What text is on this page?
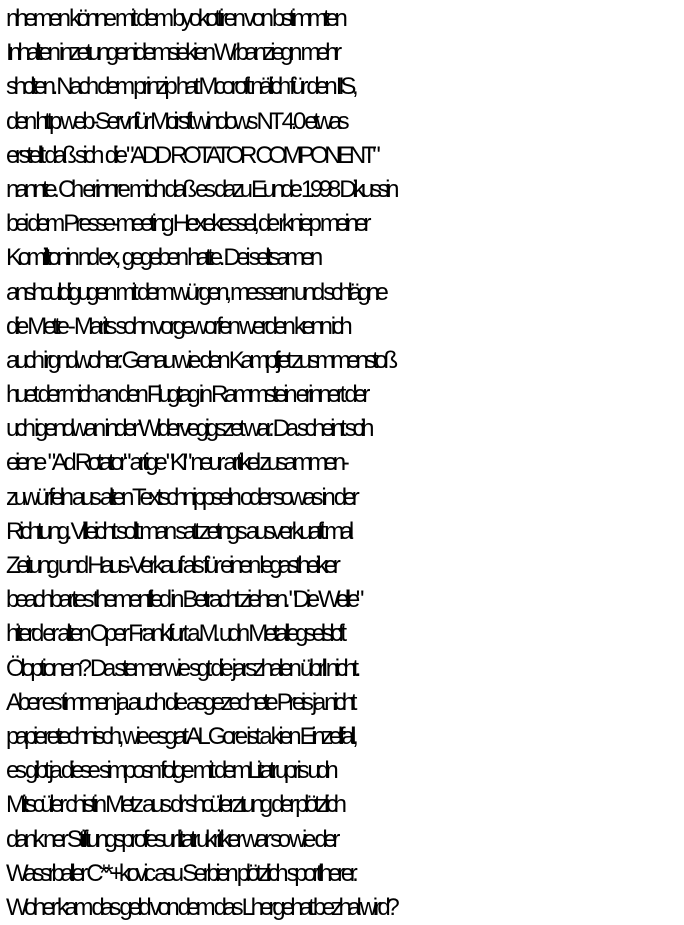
nhemen könne mit dem byokottiren von bstimmten
Inhalten inzetungenidemsiekien Wrbanziegn mehr
shclten. Nach dem prinzip hat Mcoroft nälich für den IIS,
den http web-Servr für Mcirsft windows NT 4.0 etwas
erstellt daß sich  die "ADD ROTATOR COMPONENT"
nannte. Ch erinnre mich daß es dazu Eunde 1998 Dikussin
bei dem Presse-meeting Hexekessel, de rkniep meiner
Komilltonin nd ex,  gegeben hatte. Dei seltsamen
anshculdigugen mit dem würgen, messern und schlägne
die Mette - Marits sohn vorgeworfen werden kenn ich
auch irgndwoher. Genau wie den Kampfjet zusmmenstoß
huet der mich an den Flugtag in Rammstein erinnert der
uch igendwan inder Widervegigszet war. Da scheint scih
eiene  "Ad Rotator" artige "KI" neur artikel zusammen-
zuwürfeln aus alten Textschnippseln oder sowas in der
Richtung. Villeicht sollt man satt zetngs ausverkuaft mal
Zeitung und Haus-Verkauf als für einen legastheiker
beachbartes themenfled in Betracht ziehen. "Die Welle"
hiterd er alten Oper Frankfurt a.M. udn Metallegselslcft
Öloptionen? Da stemer wie sgt die jarszhalen übrll nicht.
Aber es timmen ja auch die asgezechete Preis ja nicht
papieretechnisch, wie esgat AL Gore ist a kien Einzelfall,
es gibt ja diese simposn folge mit demLitatrupris udn
Mitscüler chistin Metz aus dr shcülerztung der plötzlich
dank ner Stiftungsprofesur litatrukritker war so wie der
Wassrballer C**+kovic asu Serbien plötzlich sportlherer.
Woher kam das geld von dem das Lhergehat bezhal wird?
